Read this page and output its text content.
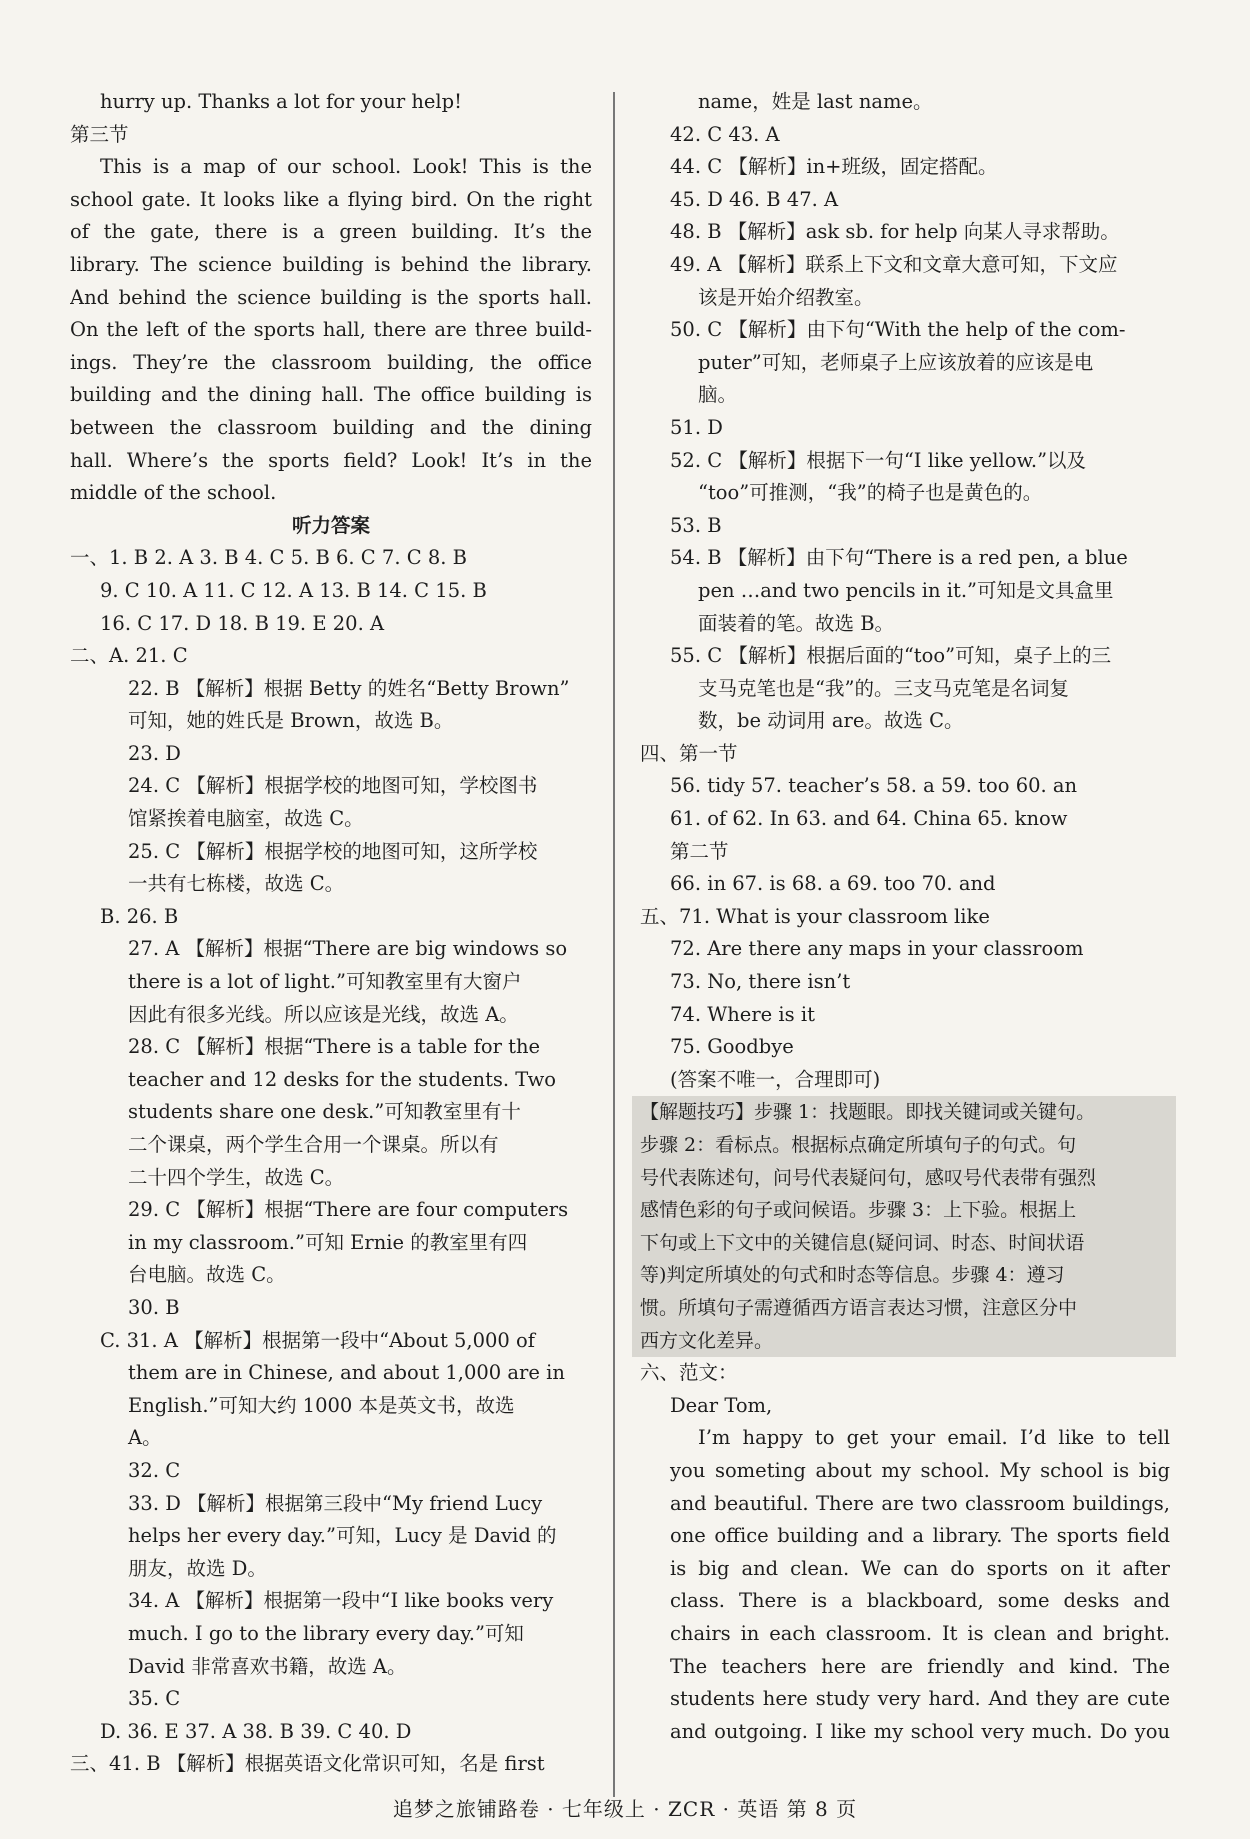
hurry up. Thanks a lot for your help!
第三节
This is a map of our school. Look! This is the
school gate. It looks like a flying bird. On the right
of the gate, there is a green building. It’s the
library. The science building is behind the library.
And behind the science building is the sports hall.
On the left of the sports hall, there are three build-
ings. They’re the classroom building, the office
building and the dining hall. The office building is
between the classroom building and the dining
hall. Where’s the sports field? Look! It’s in the
middle of the school.
听力答案
一、1. B 2. A 3. B 4. C 5. B 6. C 7. C 8. B
9. C 10. A 11. C 12. A 13. B 14. C 15. B
16. C 17. D 18. B 19. E 20. A
二、A. 21. C
22. B 【解析】根据 Betty 的姓名“Betty Brown”
可知，她的姓氏是 Brown，故选 B。
23. D
24. C 【解析】根据学校的地图可知，学校图书
馆紧挨着电脑室，故选 C。
25. C 【解析】根据学校的地图可知，这所学校
一共有七栋楼，故选 C。
B. 26. B
27. A 【解析】根据“There are big windows so
there is a lot of light.”可知教室里有大窗户
因此有很多光线。所以应该是光线，故选 A。
28. C 【解析】根据“There is a table for the
teacher and 12 desks for the students. Two
students share one desk.”可知教室里有十
二个课桌，两个学生合用一个课桌。所以有
二十四个学生，故选 C。
29. C 【解析】根据“There are four computers
in my classroom.”可知 Ernie 的教室里有四
台电脑。故选 C。
30. B
C. 31. A 【解析】根据第一段中“About 5,000 of
them are in Chinese, and about 1,000 are in
English.”可知大约 1000 本是英文书，故选
A。
32. C
33. D 【解析】根据第三段中“My friend Lucy
helps her every day.”可知，Lucy 是 David 的
朋友，故选 D。
34. A 【解析】根据第一段中“I like books very
much. I go to the library every day.”可知
David 非常喜欢书籍，故选 A。
35. C
D. 36. E 37. A 38. B 39. C 40. D
三、41. B 【解析】根据英语文化常识可知，名是 first
name，姓是 last name。
42. C 43. A
44. C 【解析】in+班级，固定搭配。
45. D 46. B 47. A
48. B 【解析】ask sb. for help 向某人寻求帮助。
49. A 【解析】联系上下文和文章大意可知，下文应
该是开始介绍教室。
50. C 【解析】由下句“With the help of the com-
puter”可知，老师桌子上应该放着的应该是电
脑。
51. D
52. C 【解析】根据下一句“I like yellow.”以及
“too”可推测，“我”的椅子也是黄色的。
53. B
54. B 【解析】由下句“There is a red pen, a blue
pen …and two pencils in it.”可知是文具盒里
面装着的笔。故选 B。
55. C 【解析】根据后面的“too”可知，桌子上的三
支马克笔也是“我”的。三支马克笔是名词复
数，be 动词用 are。故选 C。
四、第一节
56. tidy 57. teacher’s 58. a 59. too 60. an
61. of 62. In 63. and 64. China 65. know
第二节
66. in 67. is 68. a 69. too 70. and
五、71. What is your classroom like
72. Are there any maps in your classroom
73. No, there isn’t
74. Where is it
75. Goodbye
(答案不唯一，合理即可)
【解题技巧】步骤 1：找题眼。即找关键词或关键句。
步骤 2：看标点。根据标点确定所填句子的句式。句
号代表陈述句，问号代表疑问句，感叹号代表带有强烈
感情色彩的句子或问候语。步骤 3：上下验。根据上
下句或上下文中的关键信息(疑问词、时态、时间状语
等)判定所填处的句式和时态等信息。步骤 4：遵习
惯。所填句子需遵循西方语言表达习惯，注意区分中
西方文化差异。
六、范文：
Dear Tom,
I’m happy to get your email. I’d like to tell
you someting about my school. My school is big
and beautiful. There are two classroom buildings,
one office building and a library. The sports field
is big and clean. We can do sports on it after
class. There is a blackboard, some desks and
chairs in each classroom. It is clean and bright.
The teachers here are friendly and kind. The
students here study very hard. And they are cute
and outgoing. I like my school very much. Do you
追梦之旅铺路卷 · 七年级上 · ZCR · 英语 第 8 页
